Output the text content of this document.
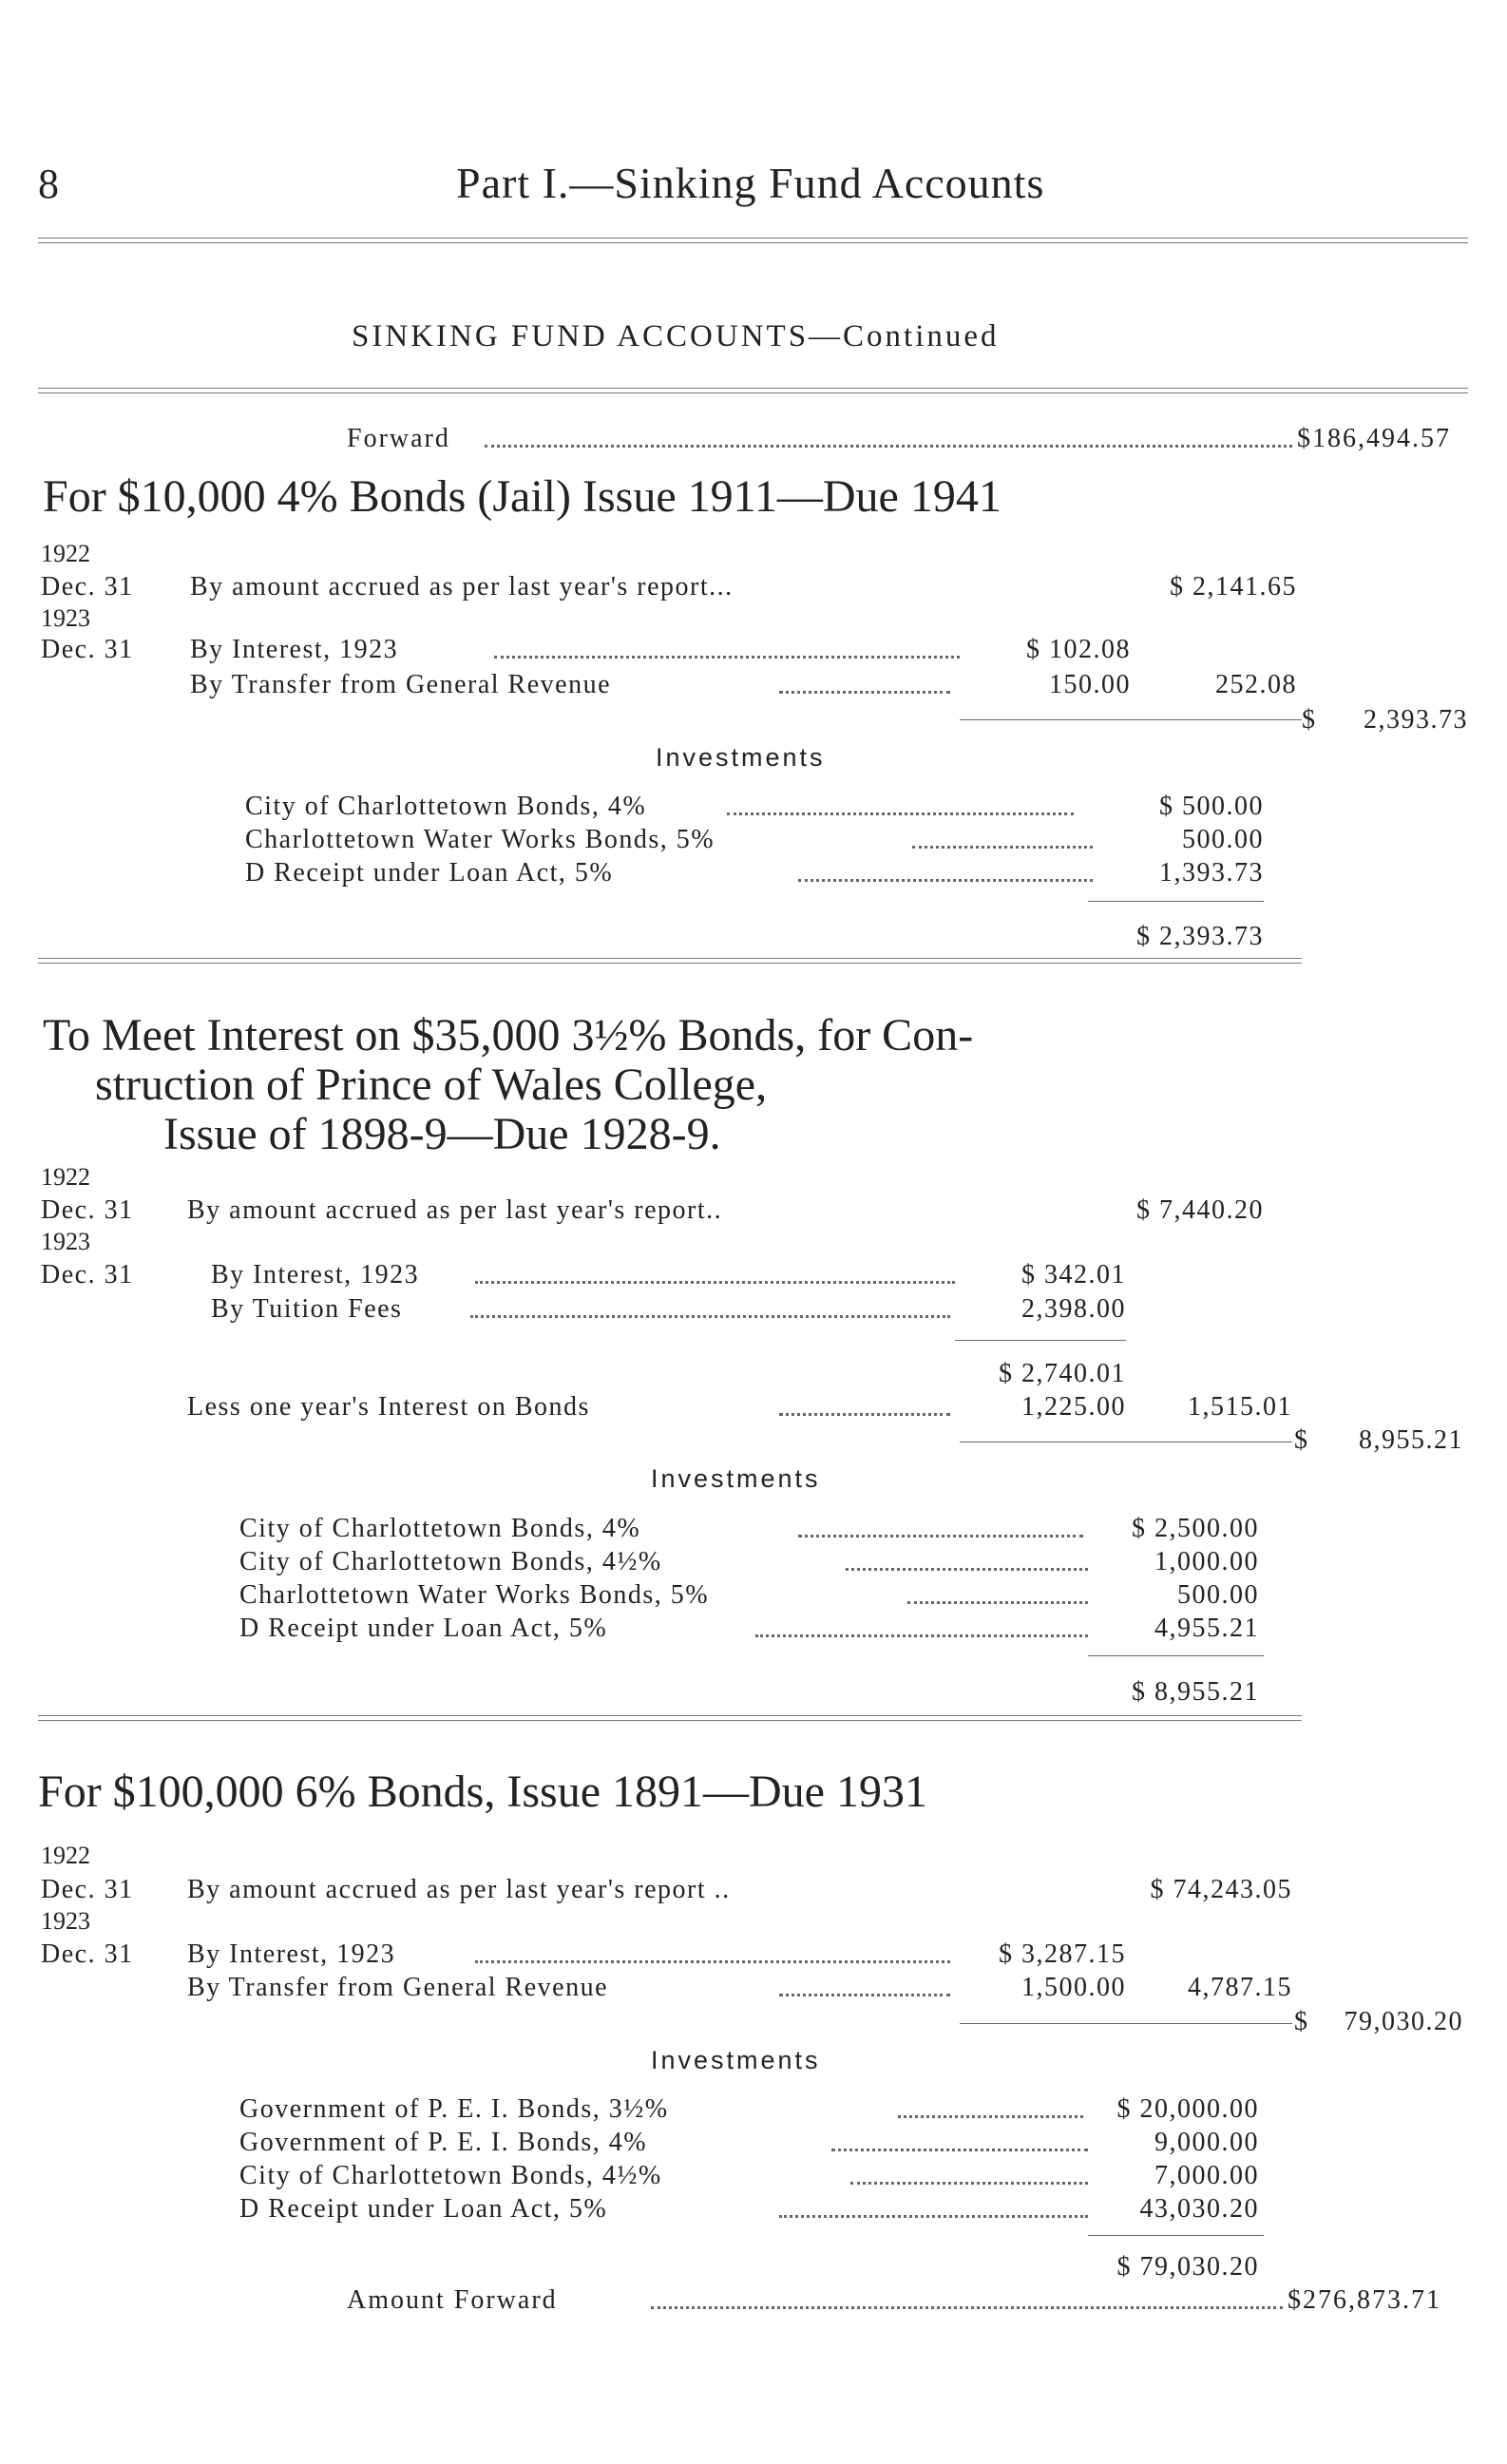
8	Part I.—Sinking Fund Accounts
SINKING FUND ACCOUNTS—Continued
Forward	$186,494.57
For $10,000 4% Bonds (Jail) Issue 1911—Due 1941
1922
Dec. 31 By amount accrued as per last year's report...	$ 2,141.65
1923
Dec. 31 By Interest, 1923	$ 102.08
By Transfer from General Revenue	150.00	252.08
$	2,393.73
Investments
City of Charlottetown Bonds, 4%	$ 500.00
Charlottetown Water Works Bonds, 5%	500.00
D Receipt under Loan Act, 5%	1,393.73
$ 2,393.73
To Meet Interest on $35,000 3½% Bonds, for Con-
struction of Prince of Wales College,
Issue of 1898-9—Due 1928-9.
1922
Dec. 31 By amount accrued as per last year's report..	$ 7,440.20
1923
Dec. 31	By Interest, 1923	$ 342.01
By Tuition Fees	2,398.00
$ 2,740.01
Less one year's Interest on Bonds	1,225.00	1,515.01
$	8,955.21
Investments
City of Charlottetown Bonds, 4%	$ 2,500.00
City of Charlottetown Bonds, 4½%	1,000.00
Charlottetown Water Works Bonds, 5%	500.00
D Receipt under Loan Act, 5%	4,955.21
$ 8,955.21
For $100,000 6% Bonds, Issue 1891—Due 1931
1922
Dec. 31 By amount accrued as per last year's report ..	$ 74,243.05
1923
Dec. 31 By Interest, 1923	$ 3,287.15
By Transfer from General Revenue	1,500.00	4,787.15
$	79,030.20
Investments
Government of P. E. I. Bonds, 3½%	$ 20,000.00
Government of P. E. I. Bonds, 4%	9,000.00
City of Charlottetown Bonds, 4½%	7,000.00
D Receipt under Loan Act, 5%	43,030.20
$ 79,030.20
Amount Forward	$276,873.71
